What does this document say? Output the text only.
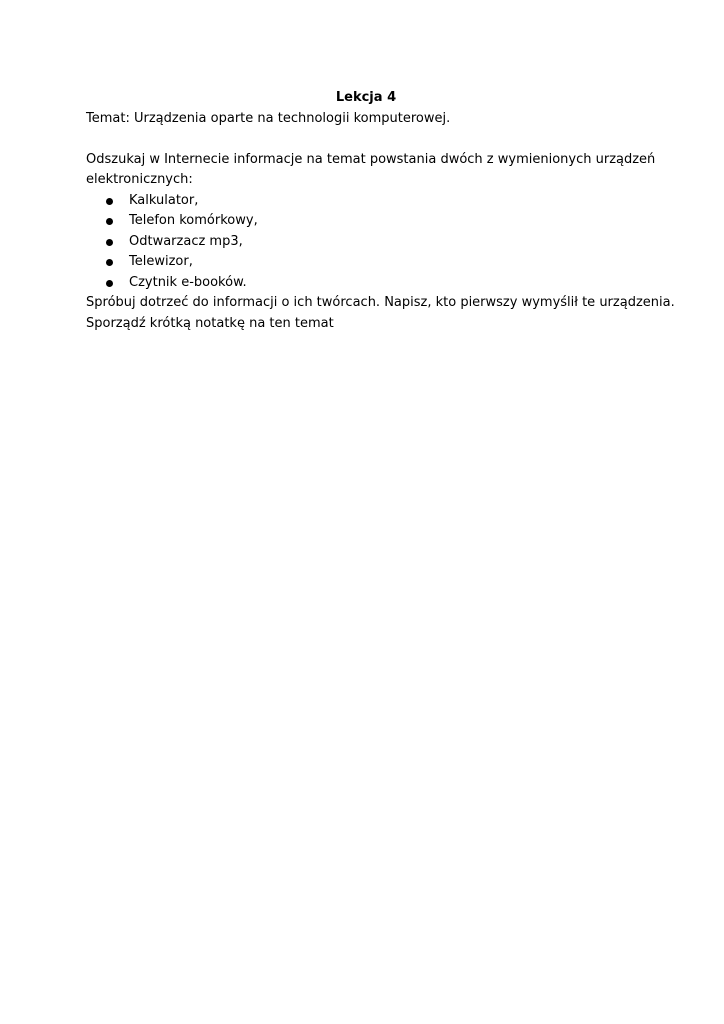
Lekcja 4

Temat: Urządzenia oparte na technologii komputerowej.

Odszukaj w Internecie informacje na temat powstania dwóch z wymienionych urządzeń

elektronicznych:

Kalkulator,
Telefon komórkowy,
Odtwarzacz mp3,
Telewizor,
Czytnik e-booków.

Spróbuj dotrzeć do informacji o ich twórcach. Napisz, kto pierwszy wymyślił te urządzenia.

Sporządź krótką notatkę na ten temat
